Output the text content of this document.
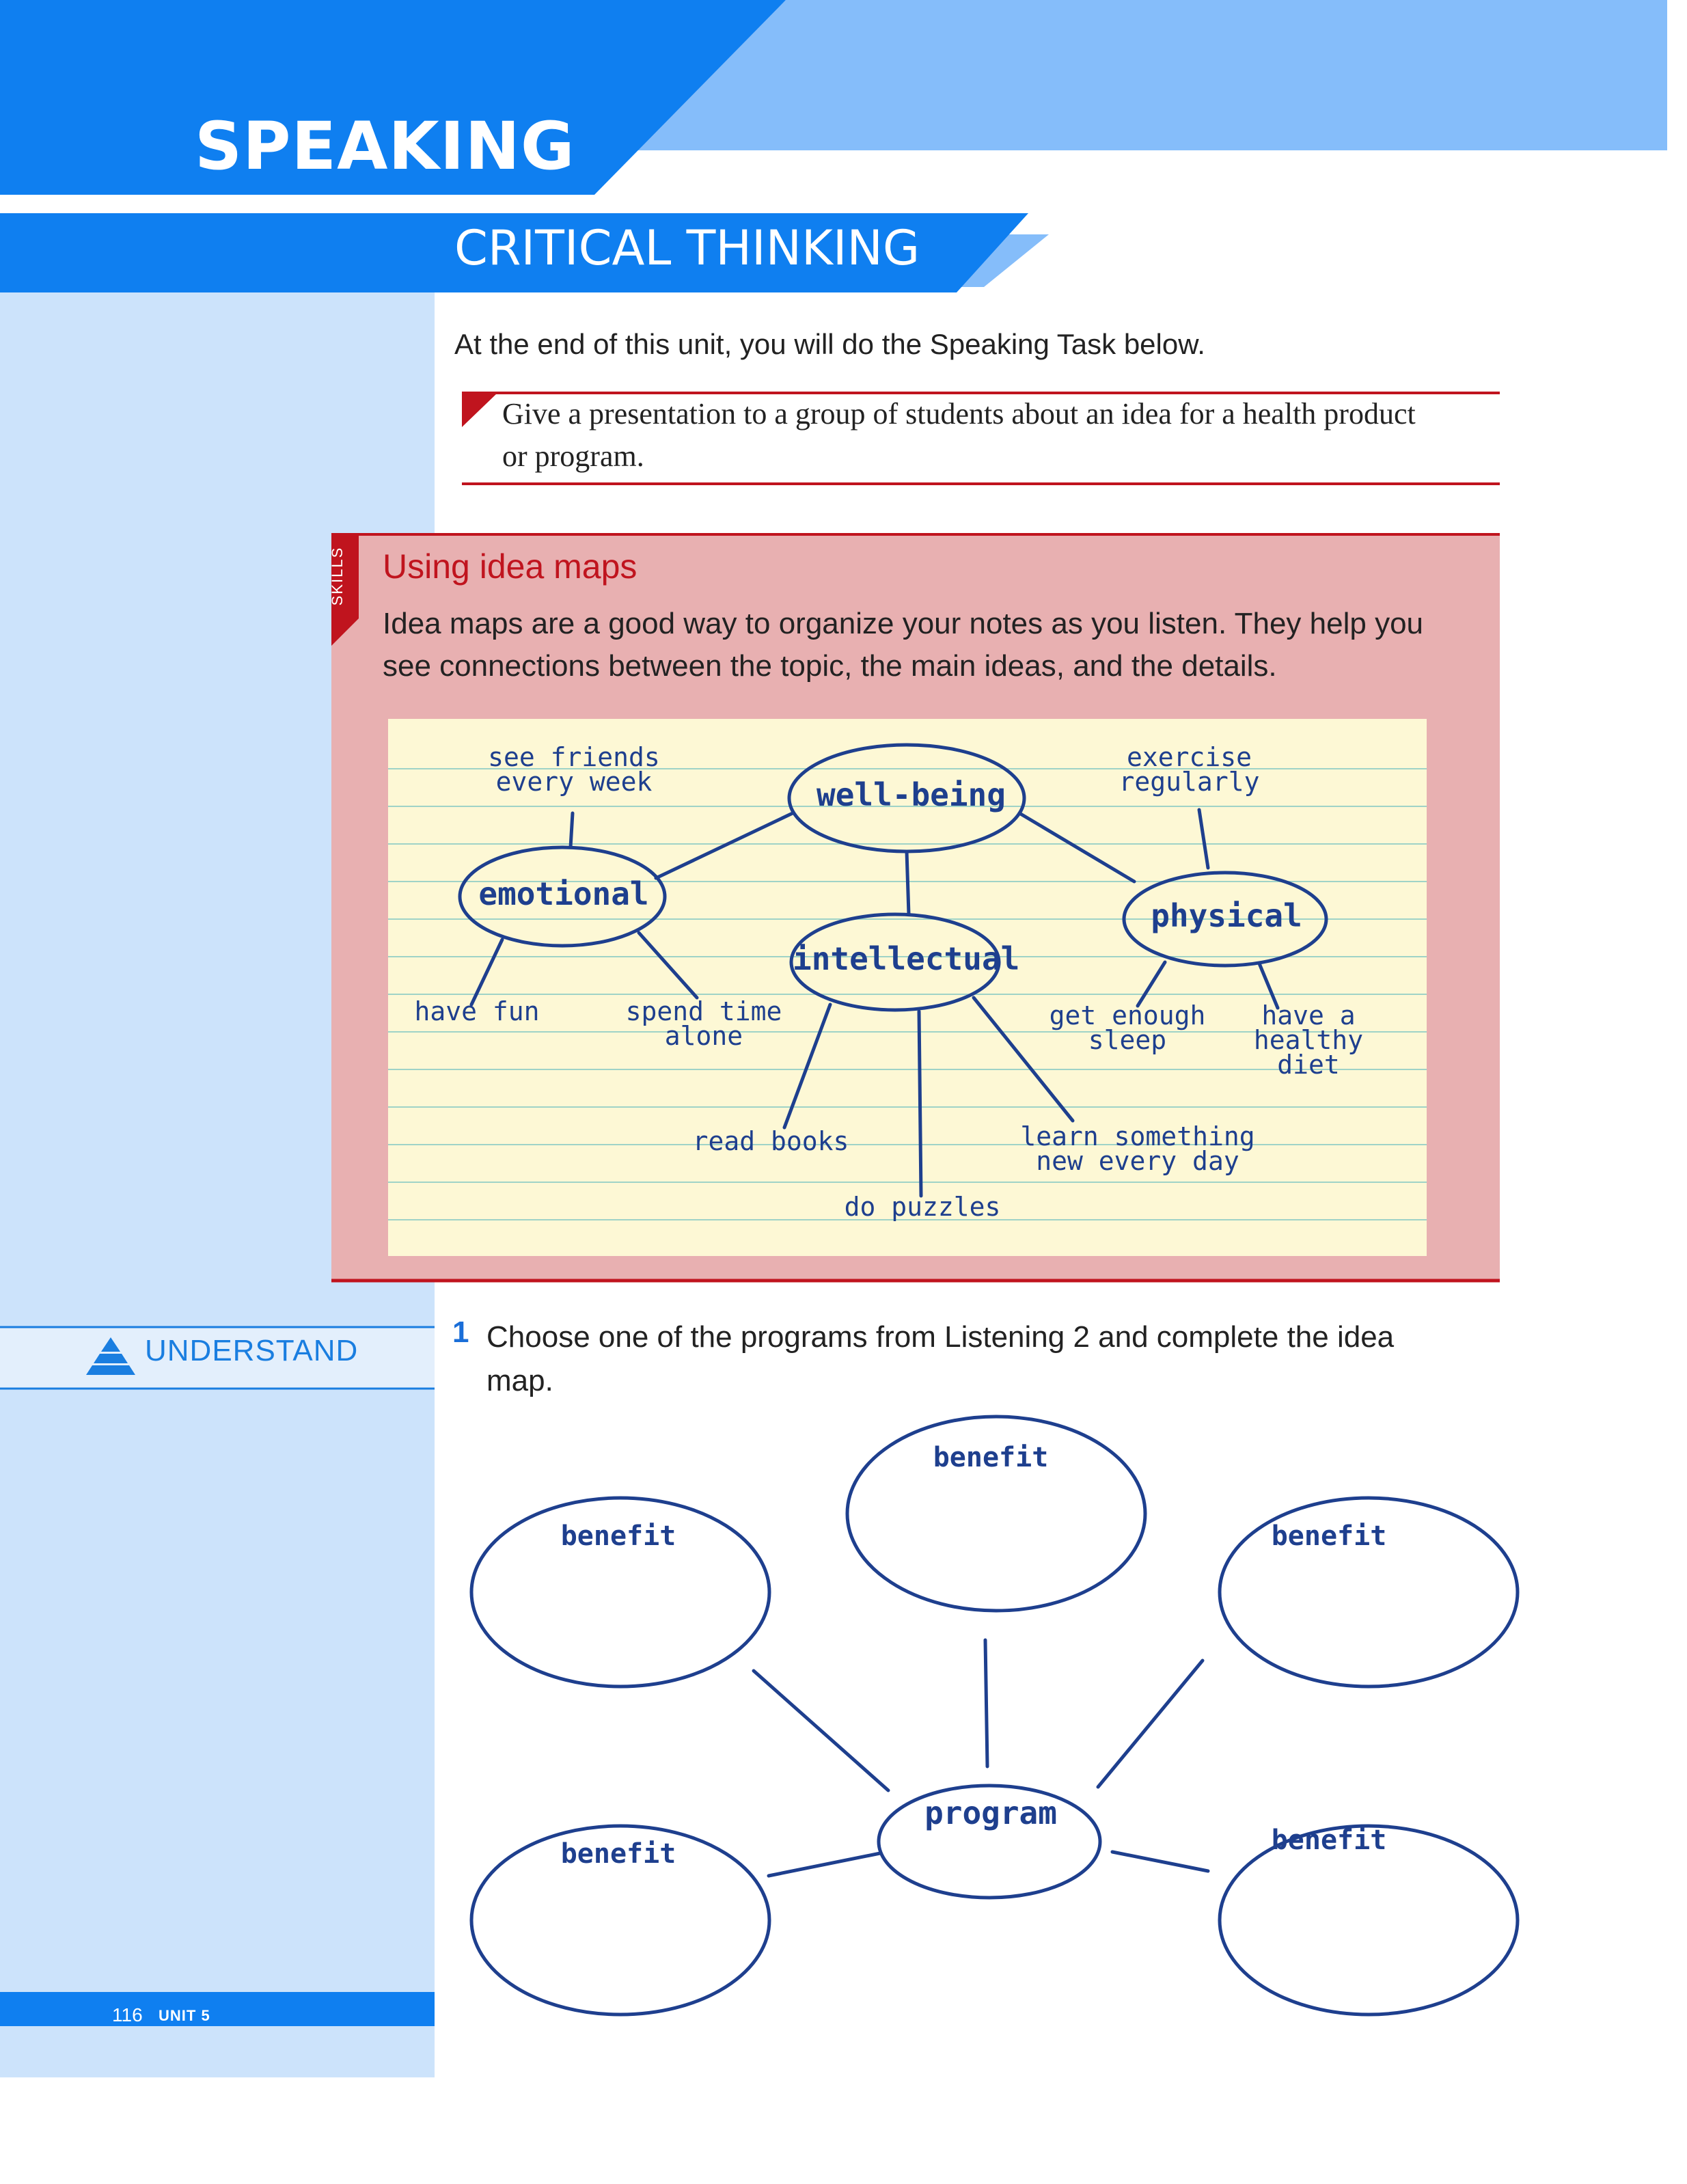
SPEAKING
CRITICAL THINKING
At the end of this unit, you will do the Speaking Task below.
Give a presentation to a group of students about an idea for a health product or program.
SKILLS Using idea maps
Idea maps are a good way to organize your notes as you listen. They help you see connections between the topic, the main ideas, and the details.
well-being
emotional
intellectual
physical
see friends every week
have fun	spend time alone
read books
do puzzles
learn something new every day
exercise regularly
get enough sleep
have a healthy diet
UNDERSTAND
1 Choose one of the programs from Listening 2 and complete the idea map.
benefit
benefit	benefit
benefit	benefit
program
116 UNIT 5
